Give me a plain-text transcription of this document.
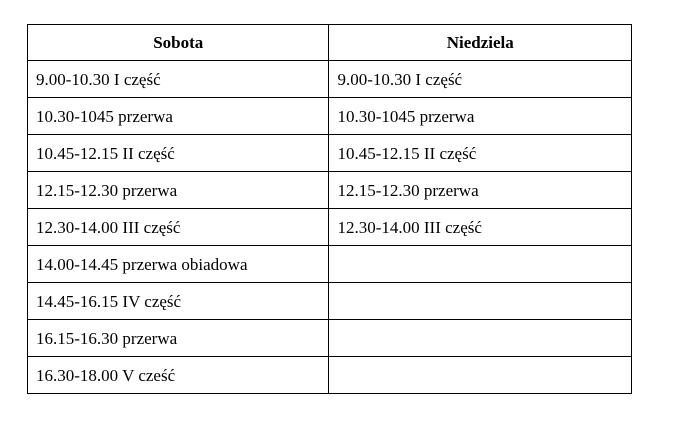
Sobota	Niedziela
9.00-10.30 I część	9.00-10.30 I część
10.30-1045 przerwa	10.30-1045 przerwa
10.45-12.15 II część	10.45-12.15 II część
12.15-12.30 przerwa	12.15-12.30 przerwa
12.30-14.00 III część	12.30-14.00 III część
14.00-14.45 przerwa obiadowa	
14.45-16.15 IV część	
16.15-16.30 przerwa	
16.30-18.00 V cześć	
